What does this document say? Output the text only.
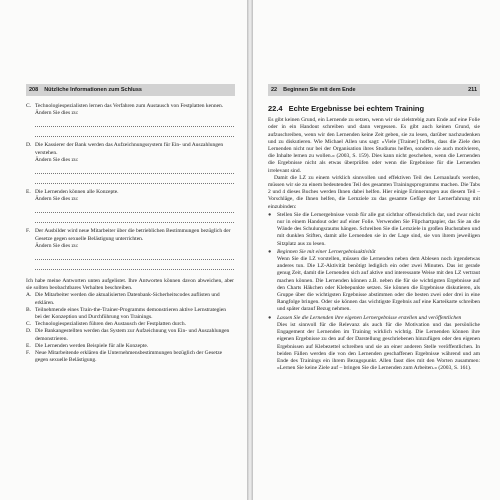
208	Nützliche Informationen zum Schluss
C. Technologiespezialisten lernen das Verfahren zum Austausch von Festplatten kennen.
Ändern Sie dies zu:
D. Die Kassierer der Bank werden das Aufzeichnungssystem für Ein- und Auszahlungen verstehen.
Ändern Sie dies zu:
E. Die Lernenden können alle Konzepte.
Ändern Sie dies zu:
F. Der Ausbilder wird neue Mitarbeiter über die betrieblichen Bestimmungen bezüglich der Gesetze gegen sexuelle Belästigung unterrichten.
Ändern Sie dies zu:
Ich habe meine Antworten unten aufgelistet. Ihre Antworten können davon abweichen, aber sie sollten beobachtbares Verhalten beschreiben.
A. Die Mitarbeiter werden die aktualisierten Datenbank-Sicherheitscodes auflisten und erklären.
B. Teilnehmende eines Train-the-Trainer-Programms demonstrieren aktive Lernstrategien bei der Konzeption und Durchführung von Trainings.
C. Technologiespezialisten führen den Austausch der Festplatten durch.
D. Die Bankangestellten werden das System zur Aufzeichnung von Ein- und Auszahlungen demonstrieren.
E. Die Lernenden werden Beispiele für alle Konzepte.
F. Neue Mitarbeitende erklären die Unternehmensbestimmungen bezüglich der Gesetze gegen sexuelle Belästigung.
22 Beginnen Sie mit dem Ende	211
22.4 Echte Ergebnisse bei echtem Training
Es gibt keinen Grund, ein Lernende zu setzen, wenn wir sie zielstrebig zum Ende auf eine Folie oder in ein Handout schreiben und dann vergessen. Es gibt auch keinen Grund, sie aufzuschreiben, wenn wir den Lernenden keine Zeit geben, sie zu lesen, darüber nachzudenken und zu diskutieren. Wie Michael Allen uns sagt: »Viele [Trainer] hoffen, dass die Ziele den Lernenden nicht nur bei der Organisation ihres Studiums helfen, sondern sie auch motivieren, die Inhalte lernen zu wollen.« (2003, S. 159). Dies kann nicht geschehen, wenn die Lernenden die Ergebnisse nicht als etwas überprüfen oder wenn die Ergebnisse für die Lernenden irrelevant sind.
Damit die LZ zu einem wirklich sinnvollen und effektiven Teil des Lernanlaufs werden, müssen wir sie zu einem bedeutenden Teil des gesamten Trainingsprogramms machen. Die Tabs 2 und 4 dieses Buches werden Ihnen dabei helfen. Hier einige Erinnerungen aus diesem Teil – Vorschläge, die Ihnen helfen, die Lernziele zu das gesamte Gefüge der Lernerfahrung mit einzubinden:
●	Stellen Sie die Lernergebnisse vorab für alle gut sichtbar offensichtlich dar, und zwar nicht nur in einem Handout oder auf einer Folie. Verwenden Sie Flipchartpapier, das Sie an die Wände des Schulungsraums hängen. Schreiben Sie die Lernziele in großen Buchstaben und mit dunklen Stiften, damit alle Lernenden sie in der Lage sind, sie von ihrem jeweiligen Sitzplatz aus zu lesen.
●	Beginnen Sie mit einer Lernergebnisaktivität
Wenn Sie die LZ vorstellen, müssen die Lernenden neben dem Ablesen noch irgendetwas anderes tun. Die LZ-Aktivität benötigt lediglich ein oder zwei Minuten. Das ist gerade genug Zeit, damit die Lernenden sich auf aktive und interessante Weise mit den LZ vertraut machen können. Die Lernenden können z.B. neben die für sie wichtigsten Ergebnisse auf den Charts Häkchen oder Klebepunkte setzen. Sie können die Ergebnisse diskutieren, als Gruppe über die wichtigsten Ergebnisse abstimmen oder die besten zwei oder drei in eine Rangfolge bringen. Oder sie können das wichtigste Ergebnis auf eine Karteikarte schreiben und später darauf Bezug nehmen.
●	Lassen Sie die Lernenden ihre eigenen Lernergebnisse erstellen und veröffentlichen
Dies ist sinnvoll für die Relevanz als auch für die Motivation und das persönliche Engagement der Lernenden im Training wirklich wichtig. Die Lernenden können ihre eigenen Ergebnisse zu den auf der Darstellung geschriebenen hinzufügen oder den eigenen Ergebnissen auf Klebezettel schreiben und sie an einer anderen Stelle veröffentlichen. In beiden Fällen werden die von den Lernenden geschaffenen Ergebnisse während und am Ende des Trainings ein ihrem Bezugspunkt. Allen fasst dies mit den Worten zusammen: »Lernen Sie keine Ziele auf – bringen Sie die Lernenden zum Arbeiten.« (2003, S. 161).
